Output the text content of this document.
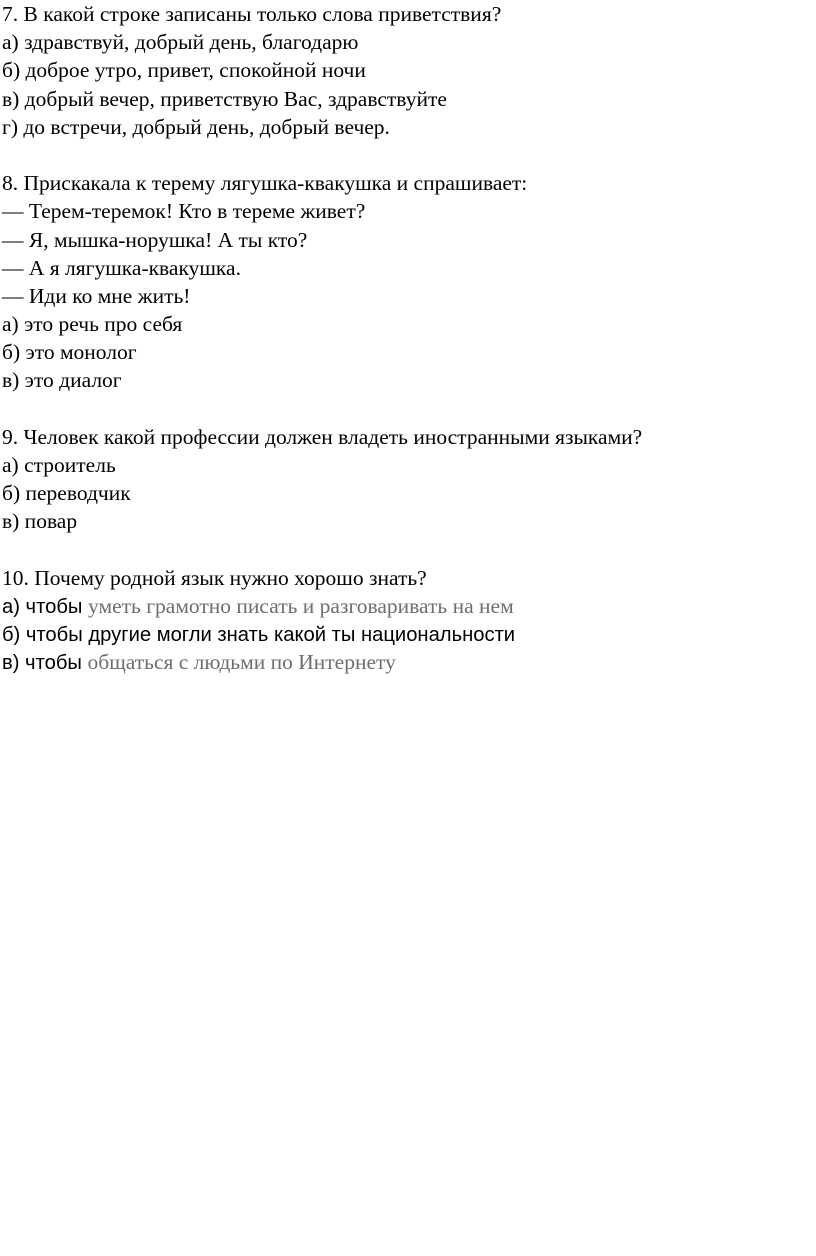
7. В какой строке записаны только слова приветствия?
а) здравствуй, добрый день, благодарю
б) доброе утро, привет, спокойной ночи
в) добрый вечер, приветствую Вас, здравствуйте
г) до встречи, добрый день, добрый вечер.
8. Прискакала к терему лягушка-квакушка и спрашивает:
— Терем-теремок! Кто в тереме живет?
— Я, мышка-норушка! А ты кто?
— А я лягушка-квакушка.
— Иди ко мне жить!
а) это речь про себя
б) это монолог
в) это диалог
9. Человек какой профессии должен владеть иностранными языками?
а) строитель
б) переводчик
в) повар
10. Почему родной язык нужно хорошо знать?
а) чтобы уметь грамотно писать и разговаривать на нем
б) чтобы другие могли знать какой ты национальности
в) чтобы общаться с людьми по Интернету
